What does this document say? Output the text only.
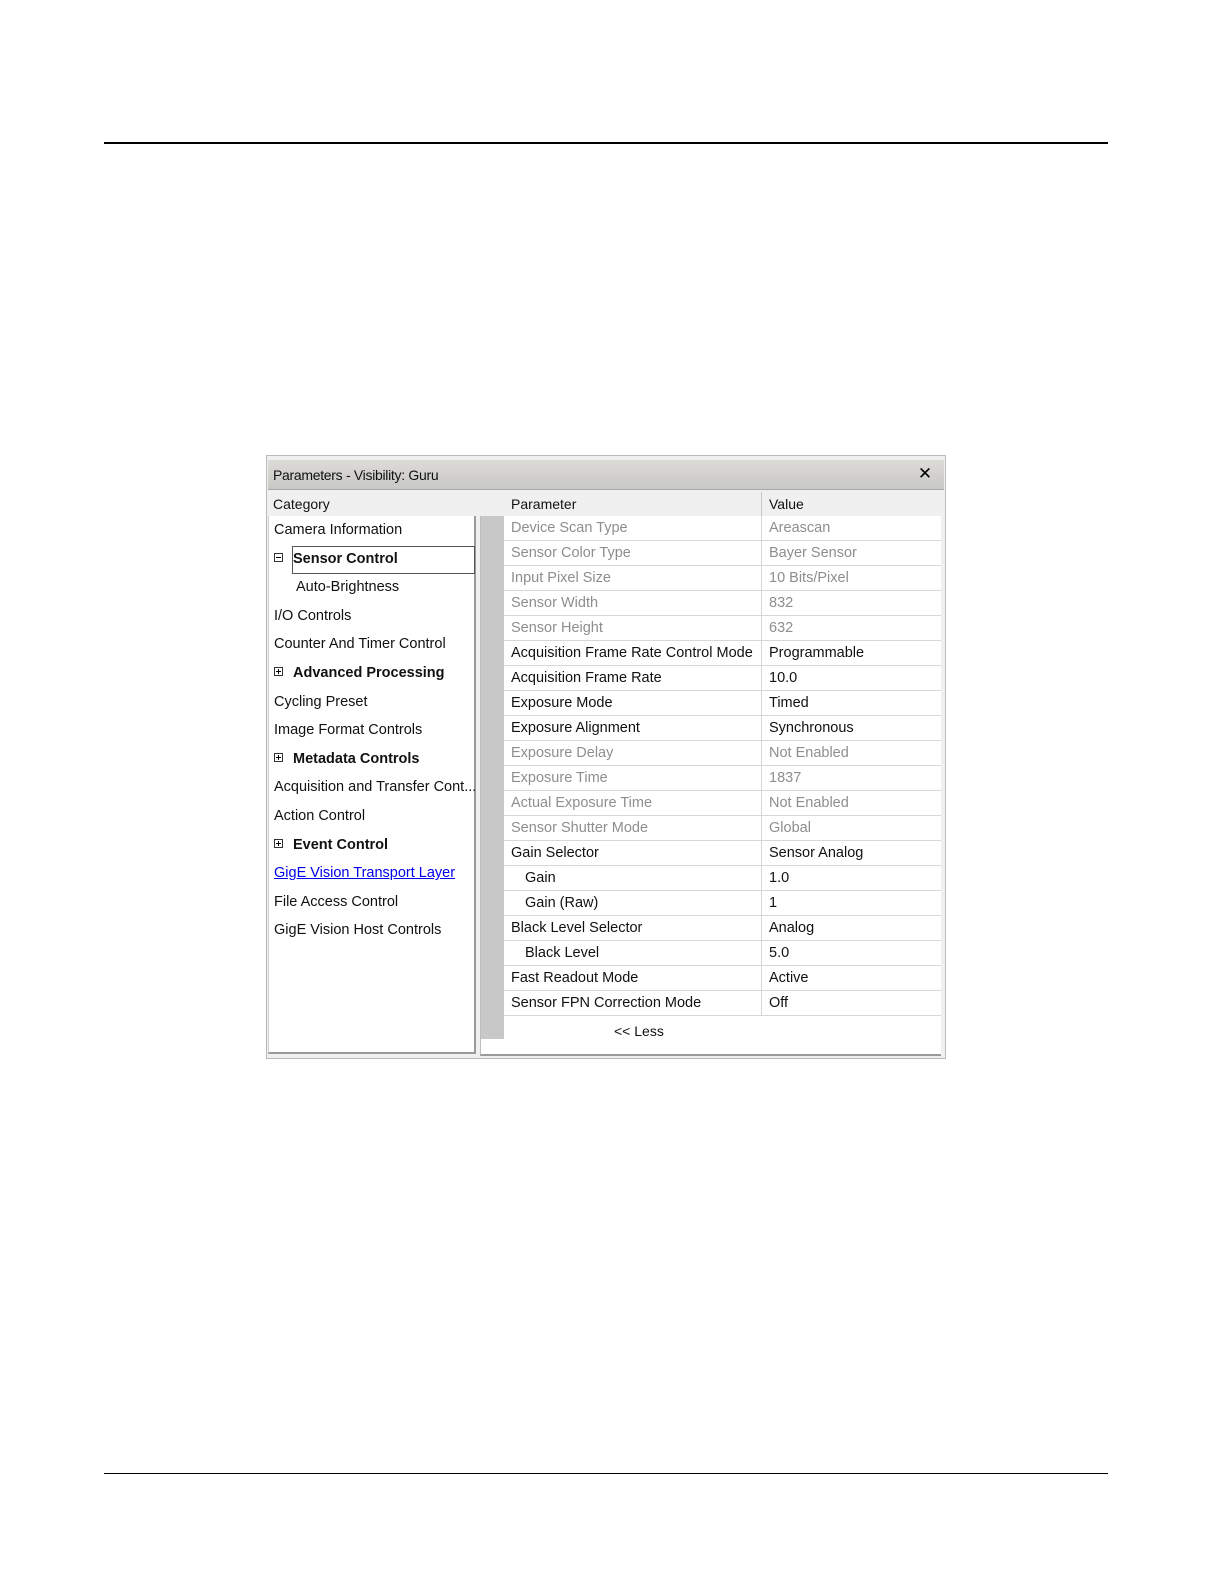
Parameters - Visibility: Guru	✕
Category
Camera Information
Sensor Control
Auto-Brightness
I/O Controls
Counter And Timer Control
Advanced Processing
Cycling Preset
Image Format Controls
Metadata Controls
Acquisition and Transfer Cont...
Action Control
Event Control
GigE Vision Transport Layer
File Access Control
GigE Vision Host Controls
Parameter	Value
<< Less
Device Scan Type	Areascan
Sensor Color Type	Bayer Sensor
Input Pixel Size	10 Bits/Pixel
Sensor Width	832
Sensor Height	632
Acquisition Frame Rate Control Mode	Programmable
Acquisition Frame Rate	10.0
Exposure Mode	Timed
Exposure Alignment	Synchronous
Exposure Delay	Not Enabled
Exposure Time	1837
Actual Exposure Time	Not Enabled
Sensor Shutter Mode	Global
Gain Selector	Sensor Analog
Gain	1.0
Gain (Raw)	1
Black Level Selector	Analog
Black Level	5.0
Fast Readout Mode	Active
Sensor FPN Correction Mode	Off
